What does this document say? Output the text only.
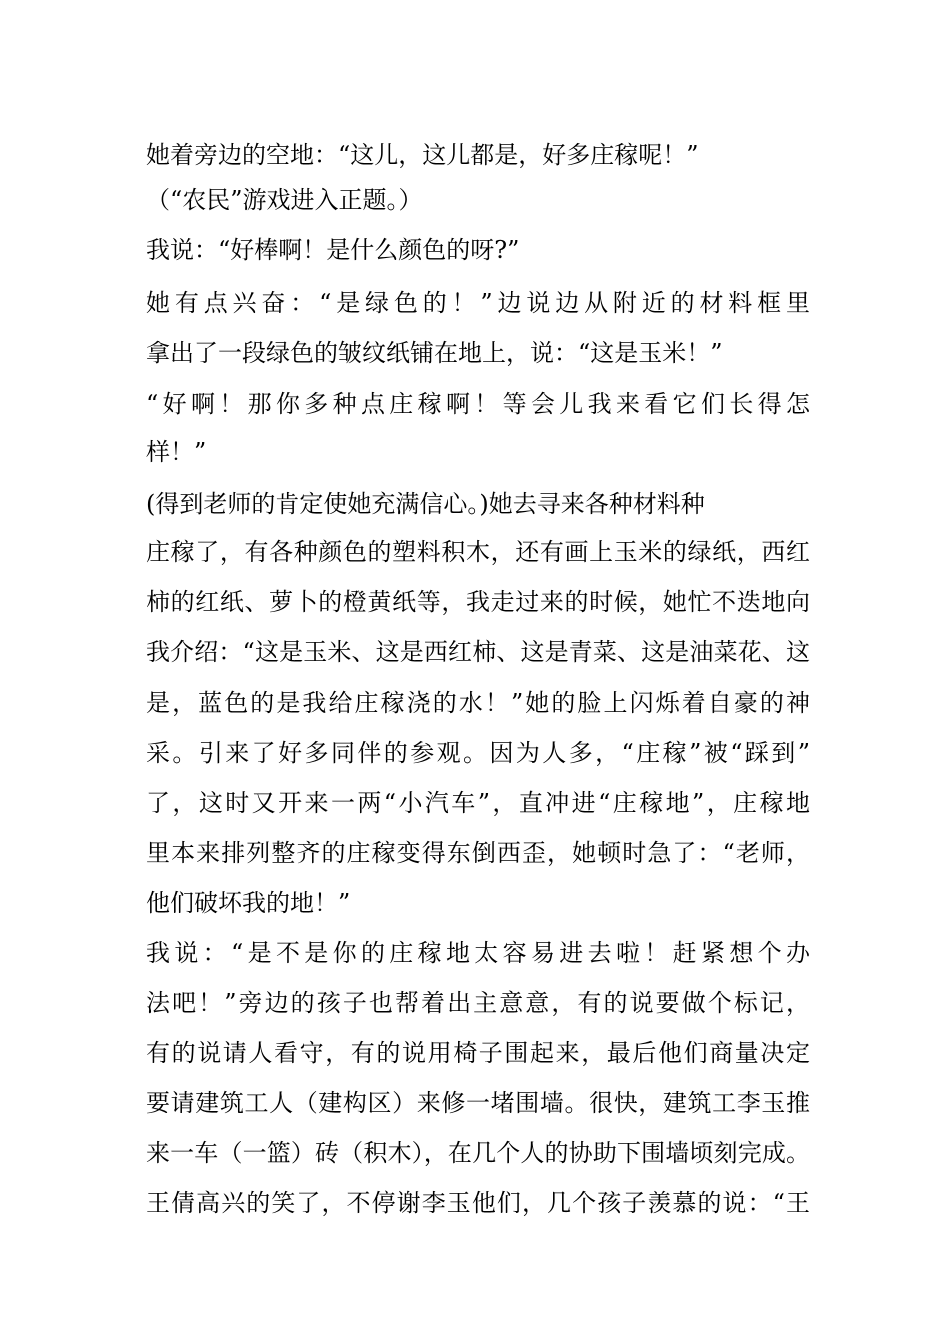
她着旁边的空地：“这儿，这儿都是，好多庄稼呢！”
（“农民”游戏进入正题。）
我说：“好棒啊！是什么颜色的呀?”
她有点兴奋：“是绿色的！”边说边从附近的材料框里
拿出了一段绿色的皱纹纸铺在地上，说：“这是玉米！”
“好啊！那你多种点庄稼啊！等会儿我来看它们长得怎
样！”
(得到老师的肯定使她充满信心。)她去寻来各种材料种
庄稼了，有各种颜色的塑料积木，还有画上玉米的绿纸，西红
柿的红纸、萝卜的橙黄纸等，我走过来的时候，她忙不迭地向
我介绍：“这是玉米、这是西红柿、这是青菜、这是油菜花、这
是，蓝色的是我给庄稼浇的水！”她的脸上闪烁着自豪的神
采。引来了好多同伴的参观。因为人多，“庄稼”被“踩到”
了，这时又开来一两“小汽车”，直冲进“庄稼地”，庄稼地
里本来排列整齐的庄稼变得东倒西歪，她顿时急了：“老师，
他们破坏我的地！”
我说：“是不是你的庄稼地太容易进去啦！赶紧想个办
法吧！”旁边的孩子也帮着出主意意，有的说要做个标记，
有的说请人看守，有的说用椅子围起来，最后他们商量决定
要请建筑工人（建构区）来修一堵围墙。很快，建筑工李玉推
来一车（一篮）砖（积木），在几个人的协助下围墙顷刻完成。
王倩高兴的笑了，不停谢李玉他们，几个孩子羡慕的说：“王
